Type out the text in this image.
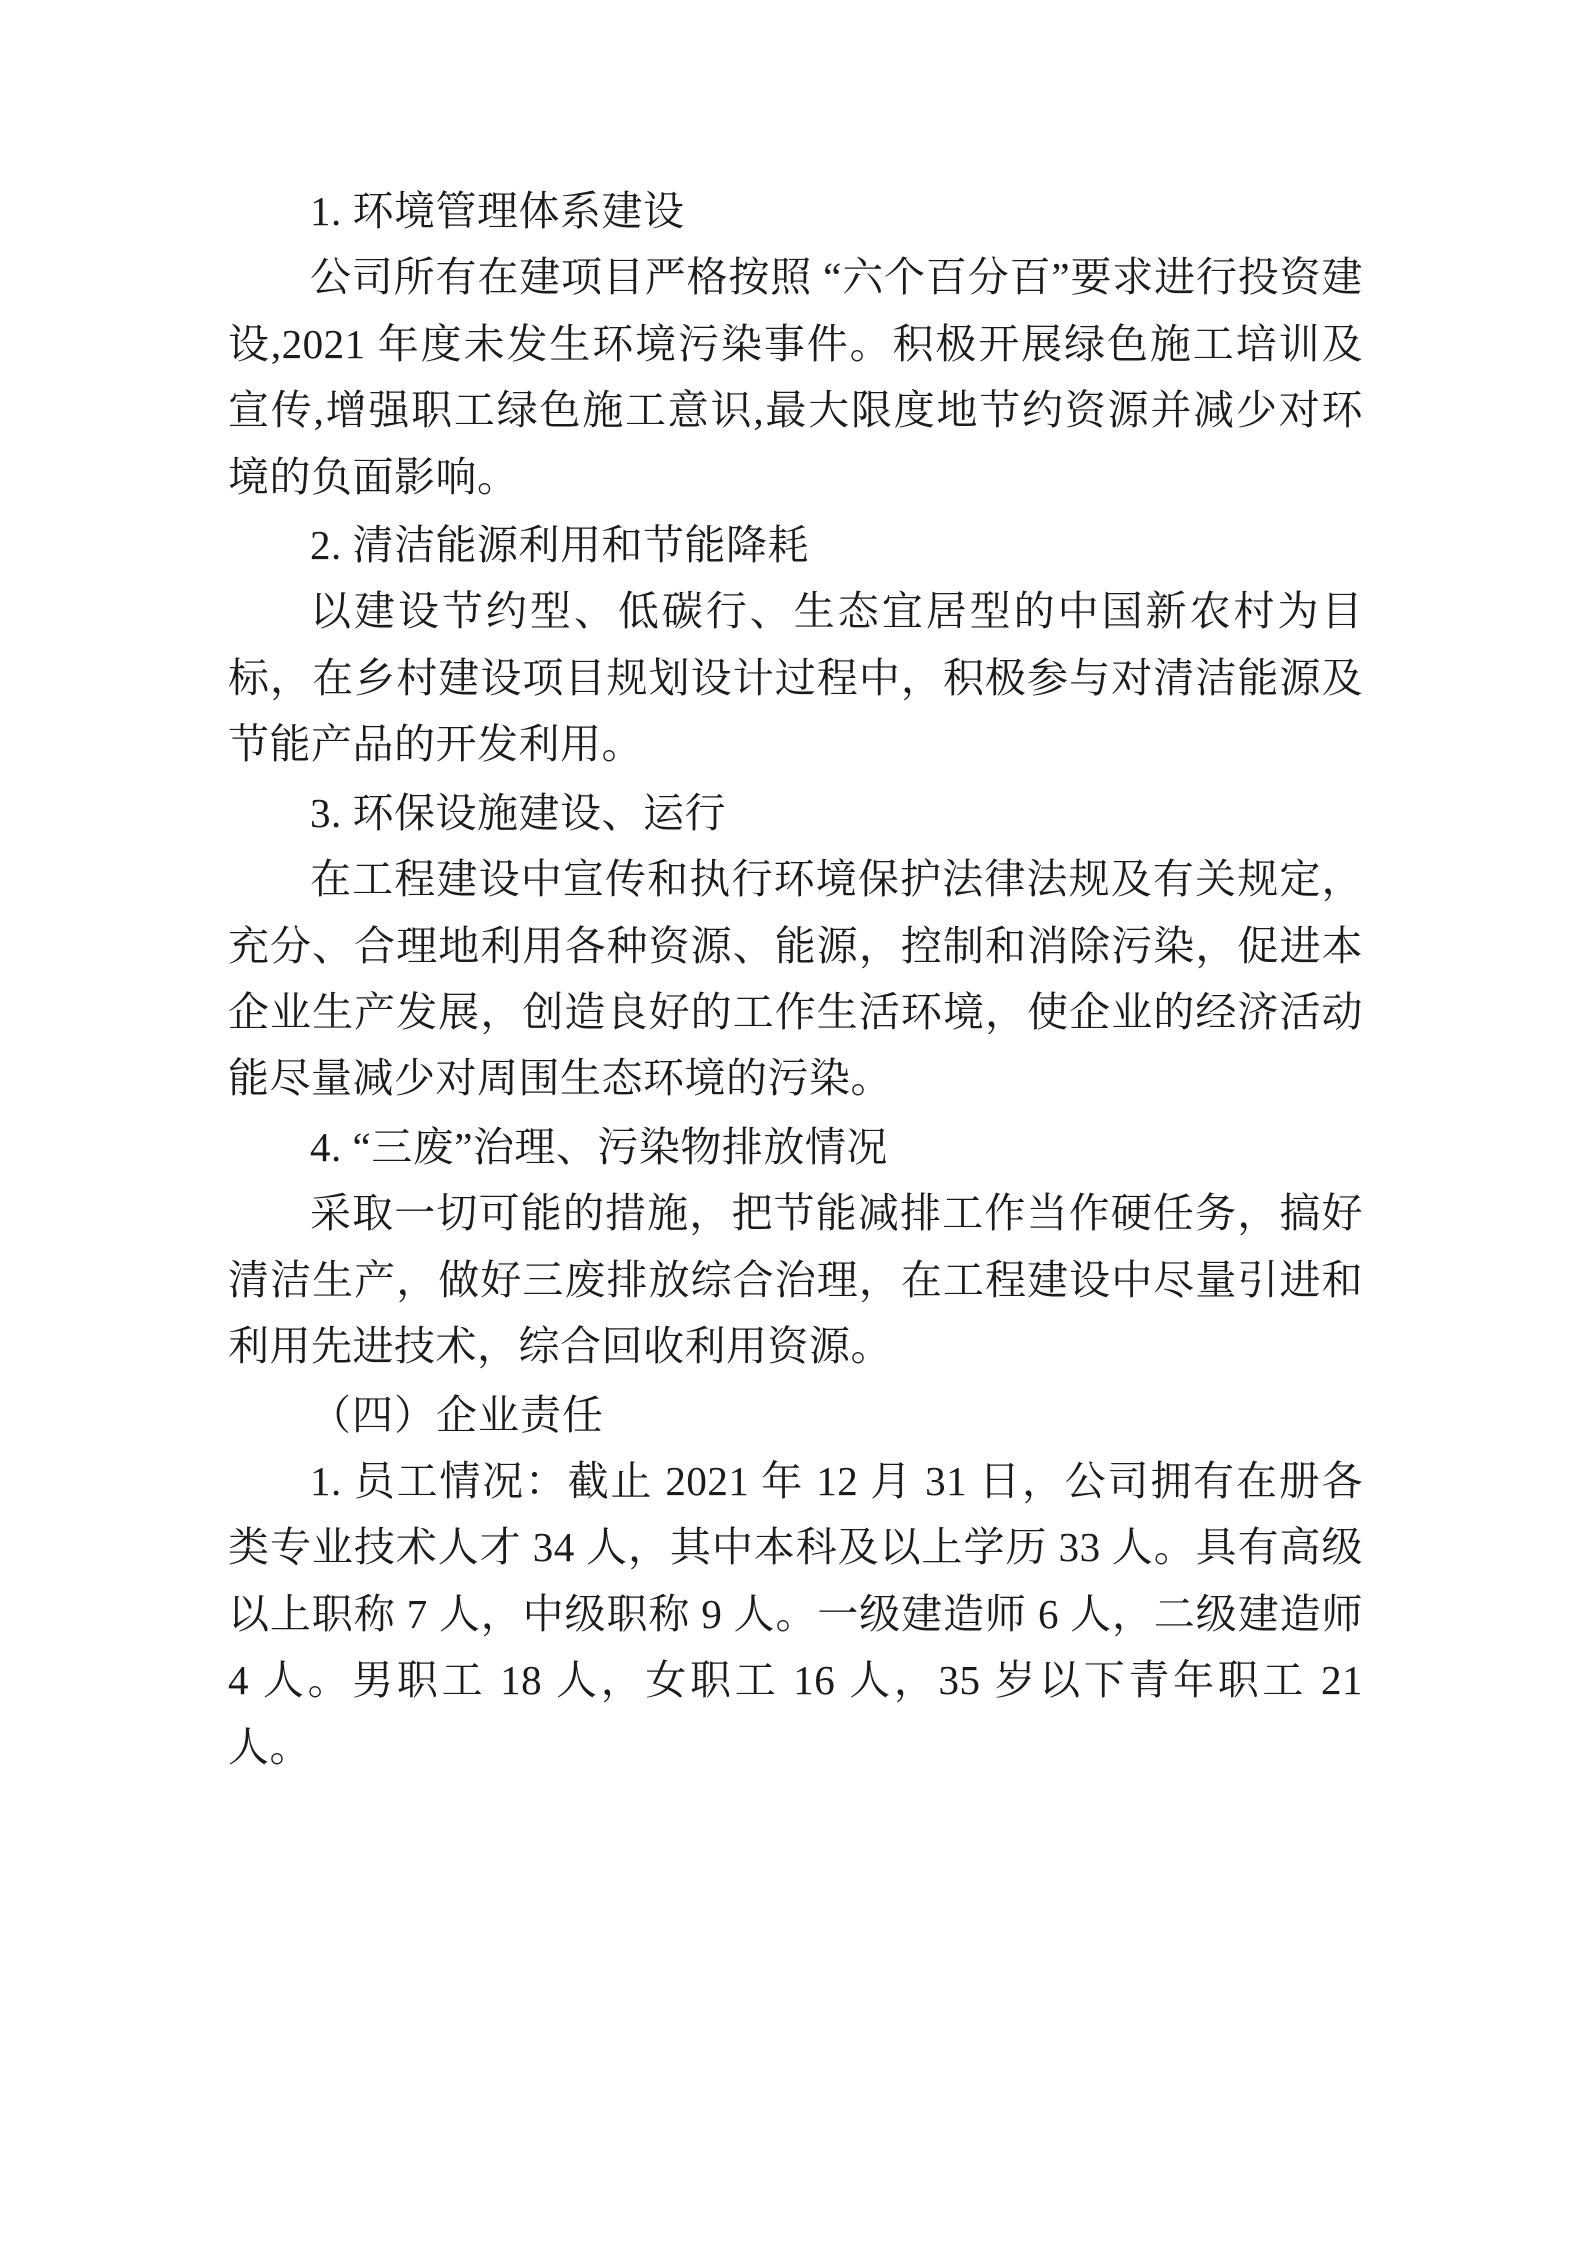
1. 环境管理体系建设

公司所有在建项目严格按照 “六个百分百”要求进行投资建设,2021 年度未发生环境污染事件。积极开展绿色施工培训及宣传,增强职工绿色施工意识,最大限度地节约资源并减少对环境的负面影响。

2. 清洁能源利用和节能降耗

以建设节约型、低碳行、生态宜居型的中国新农村为目标，在乡村建设项目规划设计过程中，积极参与对清洁能源及节能产品的开发利用。

3. 环保设施建设、运行

在工程建设中宣传和执行环境保护法律法规及有关规定，充分、合理地利用各种资源、能源，控制和消除污染，促进本企业生产发展，创造良好的工作生活环境，使企业的经济活动能尽量减少对周围生态环境的污染。

4. “三废”治理、污染物排放情况

采取一切可能的措施，把节能减排工作当作硬任务，搞好清洁生产，做好三废排放综合治理，在工程建设中尽量引进和利用先进技术，综合回收利用资源。

（四）企业责任

1. 员工情况：截止 2021 年 12 月 31 日，公司拥有在册各类专业技术人才 34 人，其中本科及以上学历 33 人。具有高级以上职称 7 人，中级职称 9 人。一级建造师 6 人，二级建造师 4 人。男职工 18 人，女职工 16 人，35 岁以下青年职工 21 人。
